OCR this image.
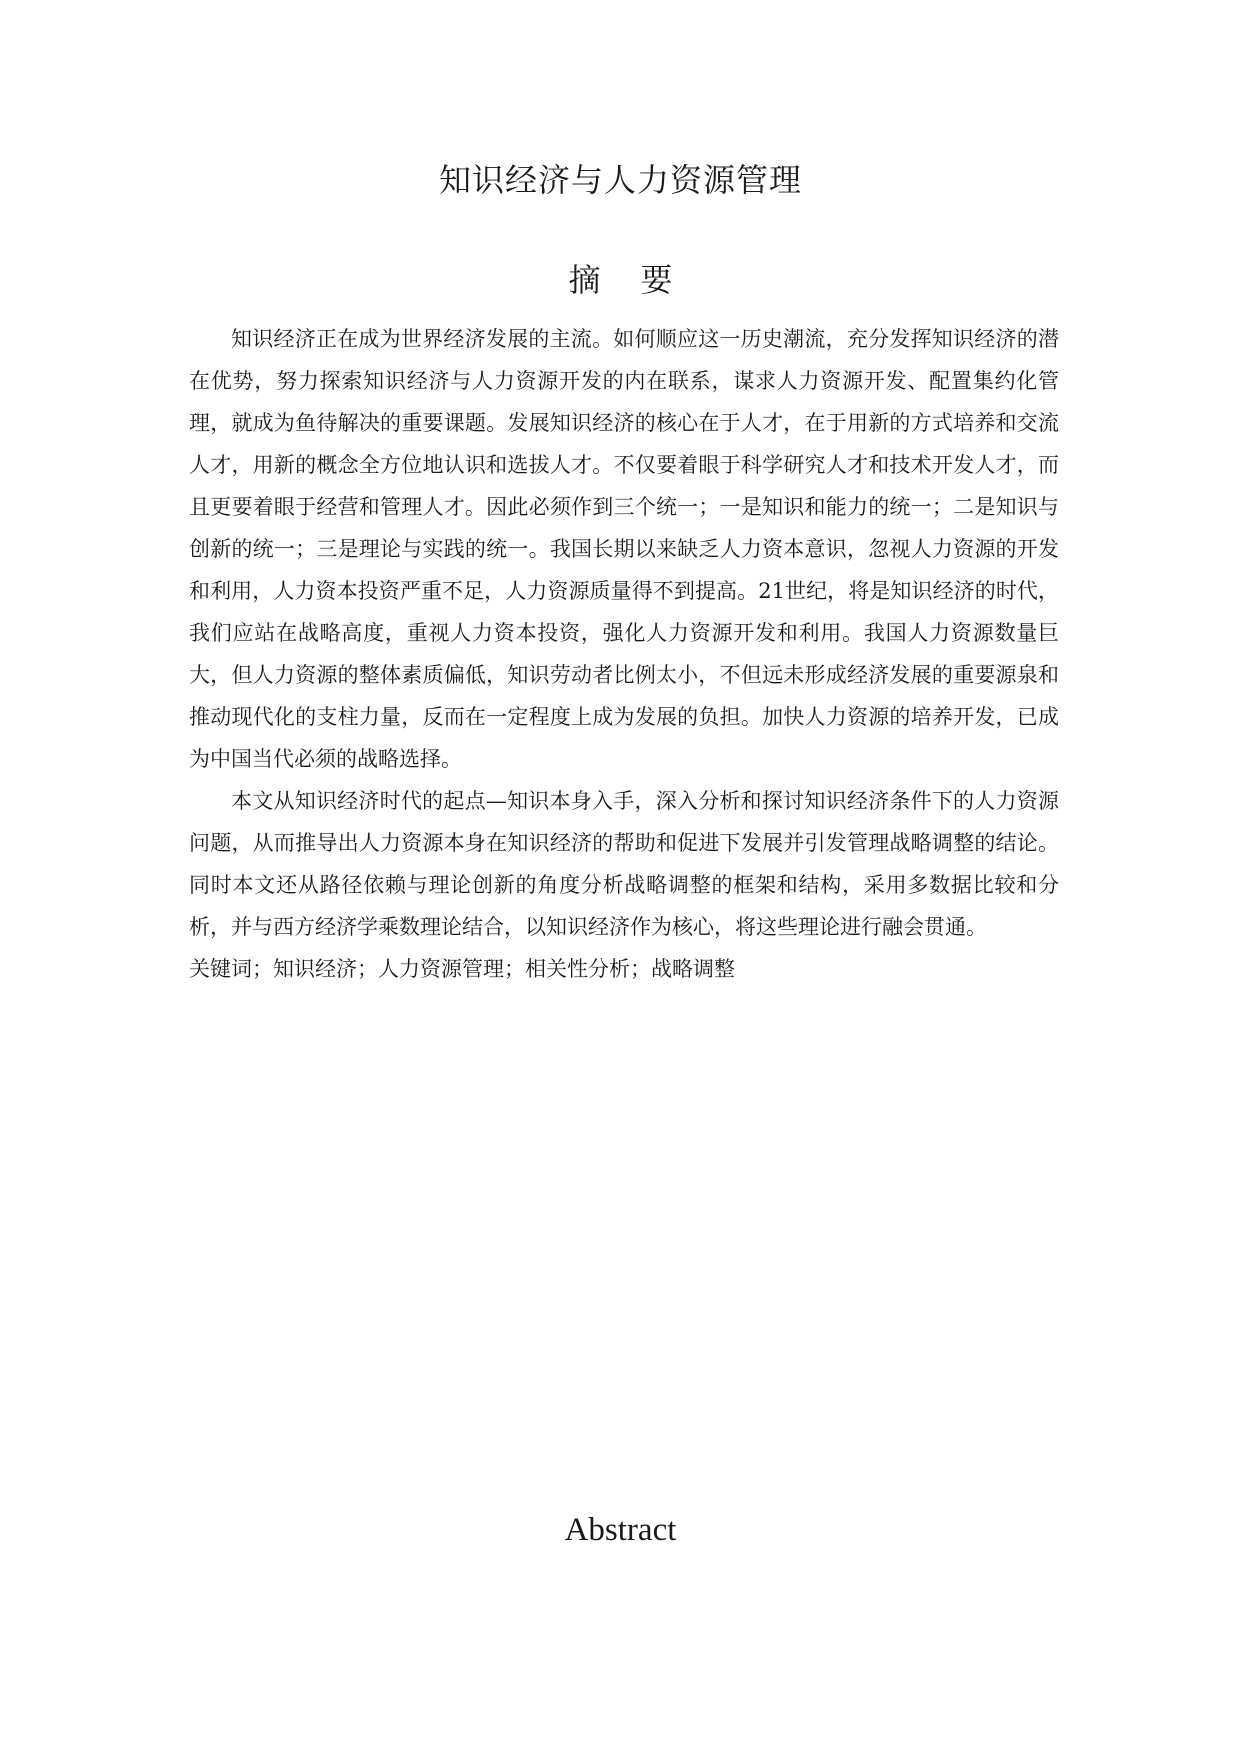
知识经济与人力资源管理
摘 要

知识经济正在成为世界经济发展的主流。如何顺应这一历史潮流，充分发挥知识经济的潜在优势，努力探索知识经济与人力资源开发的内在联系，谋求人力资源开发、配置集约化管理，就成为鱼待解决的重要课题。发展知识经济的核心在于人才，在于用新的方式培养和交流人才，用新的概念全方位地认识和选拔人才。不仅要着眼于科学研究人才和技术开发人才，而且更要着眼于经营和管理人才。因此必须作到三个统一；一是知识和能力的统一；二是知识与创新的统一；三是理论与实践的统一。我国长期以来缺乏人力资本意识，忽视人力资源的开发和利用，人力资本投资严重不足，人力资源质量得不到提高。21世纪，将是知识经济的时代，我们应站在战略高度，重视人力资本投资，强化人力资源开发和利用。我国人力资源数量巨大，但人力资源的整体素质偏低，知识劳动者比例太小，不但远未形成经济发展的重要源泉和推动现代化的支柱力量，反而在一定程度上成为发展的负担。加快人力资源的培养开发，已成为中国当代必须的战略选择。

本文从知识经济时代的起点—知识本身入手，深入分析和探讨知识经济条件下的人力资源问题，从而推导出人力资源本身在知识经济的帮助和促进下发展并引发管理战略调整的结论。同时本文还从路径依赖与理论创新的角度分析战略调整的框架和结构，采用多数据比较和分析，并与西方经济学乘数理论结合，以知识经济作为核心，将这些理论进行融会贯通。

关键词；知识经济；人力资源管理；相关性分析；战略调整

Abstract
